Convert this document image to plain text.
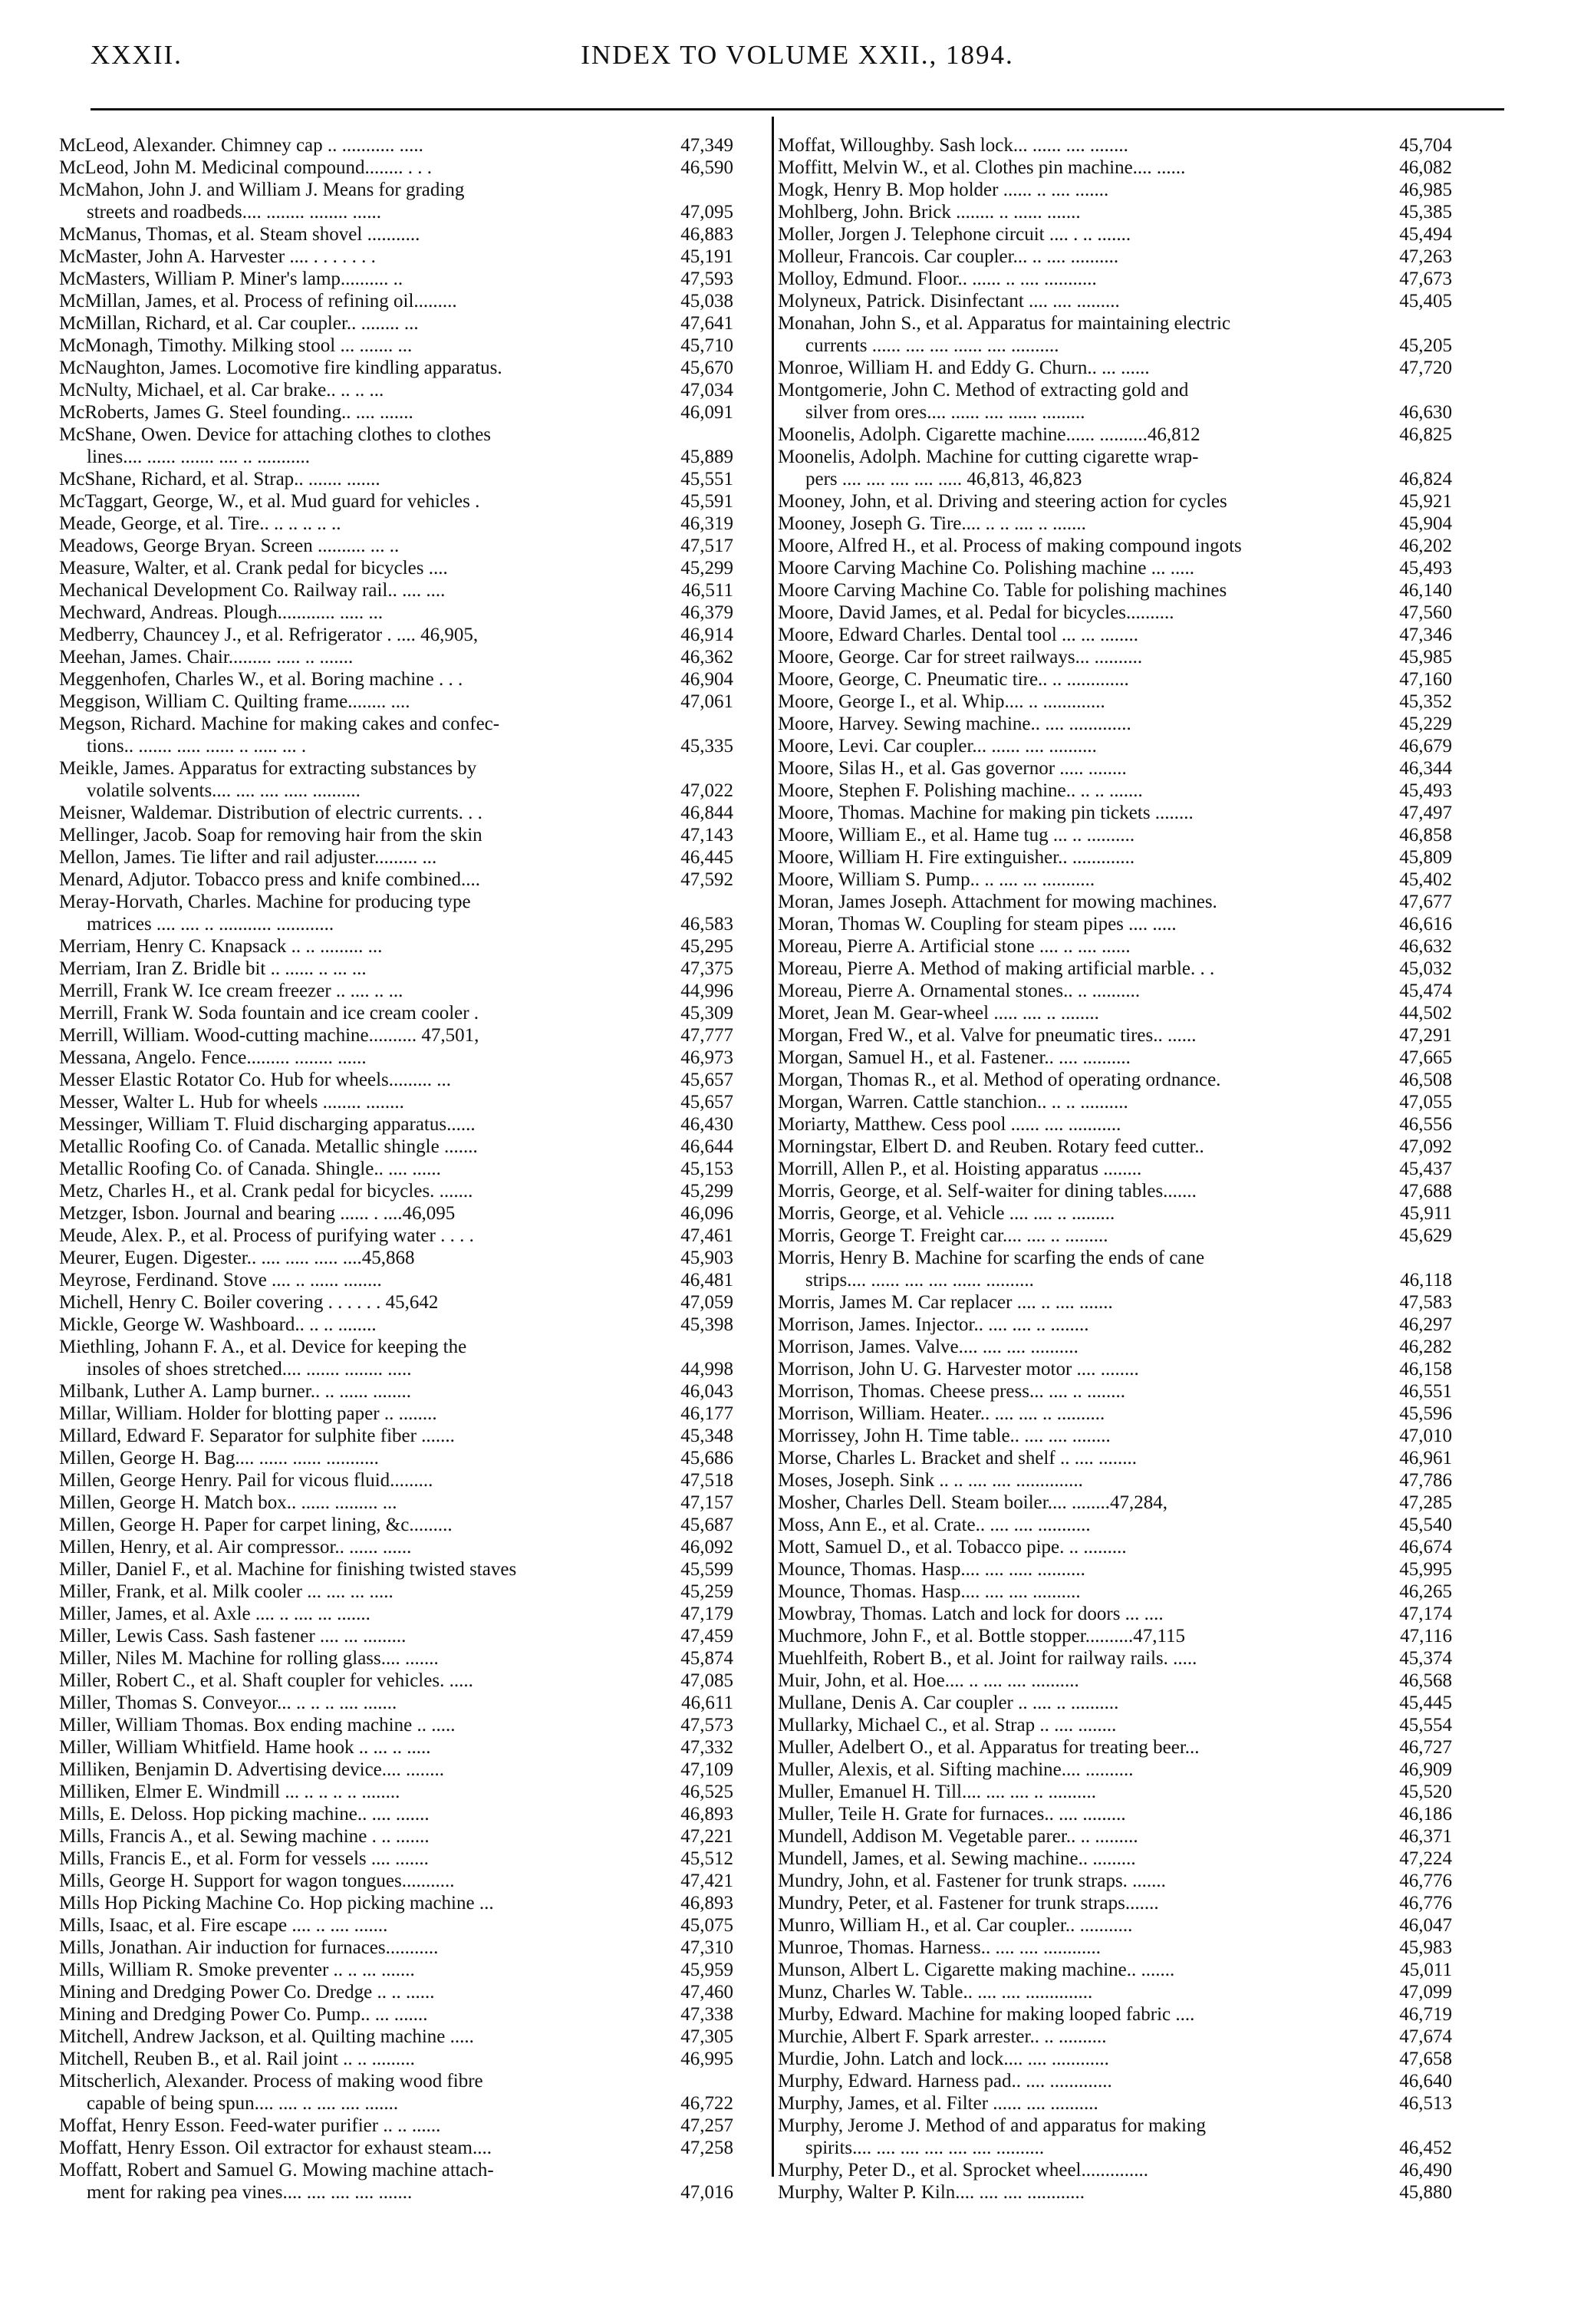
XXXII.	INDEX TO VOLUME XXII., 1894.
McLeod, Alexander. Chimney cap .. ........... .....	47,349
McLeod, John M. Medicinal compound........ . . .	46,590
McMahon, John J. and William J. Means for grading
streets and roadbeds.... ........ ........ ......	47,095
McManus, Thomas, et al. Steam shovel ...........	46,883
McMaster, John A. Harvester .... . . . . . . .	45,191
McMasters, William P. Miner's lamp.......... ..	47,593
McMillan, James, et al. Process of refining oil.........	45,038
McMillan, Richard, et al. Car coupler.. ........ ...	47,641
McMonagh, Timothy. Milking stool ... ....... ...	45,710
McNaughton, James. Locomotive fire kindling apparatus.	45,670
McNulty, Michael, et al. Car brake.. .. .. ...	47,034
McRoberts, James G. Steel founding.. .... .......	46,091
McShane, Owen. Device for attaching clothes to clothes
lines.... ...... ....... .... .. ...........	45,889
McShane, Richard, et al. Strap.. ....... .......	45,551
McTaggart, George, W., et al. Mud guard for vehicles .	45,591
Meade, George, et al. Tire.. .. .. .. .. ..	46,319
Meadows, George Bryan. Screen .......... ... ..	47,517
Measure, Walter, et al. Crank pedal for bicycles ....	45,299
Mechanical Development Co. Railway rail.. .... ....	46,511
Mechward, Andreas. Plough............ ..... ...	46,379
Medberry, Chauncey J., et al. Refrigerator . .... 46,905,	46,914
Meehan, James. Chair......... ..... .. .......	46,362
Meggenhofen, Charles W., et al. Boring machine . . .	46,904
Meggison, William C. Quilting frame........ ....	47,061
Megson, Richard. Machine for making cakes and confec-
tions.. ....... ..... ...... .. ..... ... .	45,335
Meikle, James. Apparatus for extracting substances by
volatile solvents.... .... .... ..... ..........	47,022
Meisner, Waldemar. Distribution of electric currents. . .	46,844
Mellinger, Jacob. Soap for removing hair from the skin	47,143
Mellon, James. Tie lifter and rail adjuster......... ...	46,445
Menard, Adjutor. Tobacco press and knife combined....	47,592
Meray-Horvath, Charles. Machine for producing type
matrices .... .... .. ........... ............	46,583
Merriam, Henry C. Knapsack .. .. ......... ...	45,295
Merriam, Iran Z. Bridle bit .. ...... .. ... ...	47,375
Merrill, Frank W. Ice cream freezer .. .... .. ...	44,996
Merrill, Frank W. Soda fountain and ice cream cooler .	45,309
Merrill, William. Wood-cutting machine.......... 47,501,	47,777
Messana, Angelo. Fence......... ........ ......	46,973
Messer Elastic Rotator Co. Hub for wheels......... ...	45,657
Messer, Walter L. Hub for wheels ........ ........	45,657
Messinger, William T. Fluid discharging apparatus......	46,430
Metallic Roofing Co. of Canada. Metallic shingle .......	46,644
Metallic Roofing Co. of Canada. Shingle.. .... ......	45,153
Metz, Charles H., et al. Crank pedal for bicycles. .......	45,299
Metzger, Isbon. Journal and bearing ...... . ....46,095	46,096
Meude, Alex. P., et al. Process of purifying water . . . .	47,461
Meurer, Eugen. Digester.. .... ..... ..... ....45,868	45,903
Meyrose, Ferdinand. Stove .... .. ...... ........	46,481
Michell, Henry C. Boiler covering . . . . . . 45,642	47,059
Mickle, George W. Washboard.. .. .. ........	45,398
Miethling, Johann F. A., et al. Device for keeping the
insoles of shoes stretched.... ....... ........ .....	44,998
Milbank, Luther A. Lamp burner.. .. ...... ........	46,043
Millar, William. Holder for blotting paper .. ........	46,177
Millard, Edward F. Separator for sulphite fiber .......	45,348
Millen, George H. Bag.... ...... ...... ...........	45,686
Millen, George Henry. Pail for vicous fluid.........	47,518
Millen, George H. Match box.. ...... ......... ...	47,157
Millen, George H. Paper for carpet lining, &c.........	45,687
Millen, Henry, et al. Air compressor.. ...... ......	46,092
Miller, Daniel F., et al. Machine for finishing twisted staves	45,599
Miller, Frank, et al. Milk cooler ... .... ... .....	45,259
Miller, James, et al. Axle .... .. .... ... .......	47,179
Miller, Lewis Cass. Sash fastener .... ... .........	47,459
Miller, Niles M. Machine for rolling glass.... .......	45,874
Miller, Robert C., et al. Shaft coupler for vehicles. .....	47,085
Miller, Thomas S. Conveyor... .. .. .. .... .......	46,611
Miller, William Thomas. Box ending machine .. .....	47,573
Miller, William Whitfield. Hame hook .. ... .. .....	47,332
Milliken, Benjamin D. Advertising device.... ........	47,109
Milliken, Elmer E. Windmill ... .. .. .. .. ........	46,525
Mills, E. Deloss. Hop picking machine.. .... .......	46,893
Mills, Francis A., et al. Sewing machine . .. .......	47,221
Mills, Francis E., et al. Form for vessels .... .......	45,512
Mills, George H. Support for wagon tongues...........	47,421
Mills Hop Picking Machine Co. Hop picking machine ...	46,893
Mills, Isaac, et al. Fire escape .... .. .... .......	45,075
Mills, Jonathan. Air induction for furnaces...........	47,310
Mills, William R. Smoke preventer .. .. ... .......	45,959
Mining and Dredging Power Co. Dredge .. .. ......	47,460
Mining and Dredging Power Co. Pump.. ... .......	47,338
Mitchell, Andrew Jackson, et al. Quilting machine .....	47,305
Mitchell, Reuben B., et al. Rail joint .. .. .........	46,995
Mitscherlich, Alexander. Process of making wood fibre
capable of being spun.... .... .. .... .... .......	46,722
Moffat, Henry Esson. Feed-water purifier .. .. ......	47,257
Moffatt, Henry Esson. Oil extractor for exhaust steam....	47,258
Moffatt, Robert and Samuel G. Mowing machine attach-
ment for raking pea vines.... .... .... .... .......	47,016
Moffat, Willoughby. Sash lock... ...... .... ........	45,704
Moffitt, Melvin W., et al. Clothes pin machine.... ......	46,082
Mogk, Henry B. Mop holder ...... .. .... .......	46,985
Mohlberg, John. Brick ........ .. ...... .......	45,385
Moller, Jorgen J. Telephone circuit .... . .. .......	45,494
Molleur, Francois. Car coupler... .. .... ..........	47,263
Molloy, Edmund. Floor.. ...... .. .... ...........	47,673
Molyneux, Patrick. Disinfectant .... .... .........	45,405
Monahan, John S., et al. Apparatus for maintaining electric
currents ...... .... .... ...... .... ..........	45,205
Monroe, William H. and Eddy G. Churn.. ... ......	47,720
Montgomerie, John C. Method of extracting gold and
silver from ores.... ...... .... ...... .........	46,630
Moonelis, Adolph. Cigarette machine...... ..........46,812	46,825
Moonelis, Adolph. Machine for cutting cigarette wrap-
pers .... .... .... .... ..... 46,813, 46,823	46,824
Mooney, John, et al. Driving and steering action for cycles	45,921
Mooney, Joseph G. Tire.... .. .. .... .. .......	45,904
Moore, Alfred H., et al. Process of making compound ingots	46,202
Moore Carving Machine Co. Polishing machine ... .....	45,493
Moore Carving Machine Co. Table for polishing machines	46,140
Moore, David James, et al. Pedal for bicycles..........	47,560
Moore, Edward Charles. Dental tool ... ... ........	47,346
Moore, George. Car for street railways... ..........	45,985
Moore, George, C. Pneumatic tire.. .. .............	47,160
Moore, George I., et al. Whip.... .. .............	45,352
Moore, Harvey. Sewing machine.. .... .............	45,229
Moore, Levi. Car coupler... ...... .... ..........	46,679
Moore, Silas H., et al. Gas governor ..... ........	46,344
Moore, Stephen F. Polishing machine.. .. .. .......	45,493
Moore, Thomas. Machine for making pin tickets ........	47,497
Moore, William E., et al. Hame tug ... .. ..........	46,858
Moore, William H. Fire extinguisher.. .............	45,809
Moore, William S. Pump.. .. .... ... ...........	45,402
Moran, James Joseph. Attachment for mowing machines.	47,677
Moran, Thomas W. Coupling for steam pipes .... .....	46,616
Moreau, Pierre A. Artificial stone .... .. .... ......	46,632
Moreau, Pierre A. Method of making artificial marble. . .	45,032
Moreau, Pierre A. Ornamental stones.. .. ..........	45,474
Moret, Jean M. Gear-wheel ..... .... .. ........	44,502
Morgan, Fred W., et al. Valve for pneumatic tires.. ......	47,291
Morgan, Samuel H., et al. Fastener.. .... ..........	47,665
Morgan, Thomas R., et al. Method of operating ordnance.	46,508
Morgan, Warren. Cattle stanchion.. .. .. ..........	47,055
Moriarty, Matthew. Cess pool ...... .... ...........	46,556
Morningstar, Elbert D. and Reuben. Rotary feed cutter..	47,092
Morrill, Allen P., et al. Hoisting apparatus ........	45,437
Morris, George, et al. Self-waiter for dining tables.......	47,688
Morris, George, et al. Vehicle .... .... .. .........	45,911
Morris, George T. Freight car.... .... .. .........	45,629
Morris, Henry B. Machine for scarfing the ends of cane
strips.... ...... .... .... ...... ..........	46,118
Morris, James M. Car replacer .... .. .... .......	47,583
Morrison, James. Injector.. .... .... .. ........	46,297
Morrison, James. Valve.... .... .... ..........	46,282
Morrison, John U. G. Harvester motor .... ........	46,158
Morrison, Thomas. Cheese press... .... .. ........	46,551
Morrison, William. Heater.. .... .... .. ..........	45,596
Morrissey, John H. Time table.. .... .... ........	47,010
Morse, Charles L. Bracket and shelf .. .... ........	46,961
Moses, Joseph. Sink .. .. .... .... ..............	47,786
Mosher, Charles Dell. Steam boiler.... ........47,284,	47,285
Moss, Ann E., et al. Crate.. .... .... ...........	45,540
Mott, Samuel D., et al. Tobacco pipe. .. .........	46,674
Mounce, Thomas. Hasp.... .... ..... ..........	45,995
Mounce, Thomas. Hasp.... .... .... ..........	46,265
Mowbray, Thomas. Latch and lock for doors ... ....	47,174
Muchmore, John F., et al. Bottle stopper..........47,115	47,116
Muehlfeith, Robert B., et al. Joint for railway rails. .....	45,374
Muir, John, et al. Hoe.... .. .... .... ..........	46,568
Mullane, Denis A. Car coupler .. .... .. ..........	45,445
Mullarky, Michael C., et al. Strap .. .... ........	45,554
Muller, Adelbert O., et al. Apparatus for treating beer...	46,727
Muller, Alexis, et al. Sifting machine.... ..........	46,909
Muller, Emanuel H. Till.... .... .... .. ..........	45,520
Muller, Teile H. Grate for furnaces.. .... .........	46,186
Mundell, Addison M. Vegetable parer.. .. .........	46,371
Mundell, James, et al. Sewing machine.. .........	47,224
Mundry, John, et al. Fastener for trunk straps. .......	46,776
Mundry, Peter, et al. Fastener for trunk straps.......	46,776
Munro, William H., et al. Car coupler.. ...........	46,047
Munroe, Thomas. Harness.. .... .... ............	45,983
Munson, Albert L. Cigarette making machine.. .......	45,011
Munz, Charles W. Table.. .... .... ..............	47,099
Murby, Edward. Machine for making looped fabric ....	46,719
Murchie, Albert F. Spark arrester.. .. ..........	47,674
Murdie, John. Latch and lock.... .... ............	47,658
Murphy, Edward. Harness pad.. .... .............	46,640
Murphy, James, et al. Filter ...... .... ..........	46,513
Murphy, Jerome J. Method of and apparatus for making
spirits.... .... .... .... .... .... ..........	46,452
Murphy, Peter D., et al. Sprocket wheel..............	46,490
Murphy, Walter P. Kiln.... .... .... ............	45,880
